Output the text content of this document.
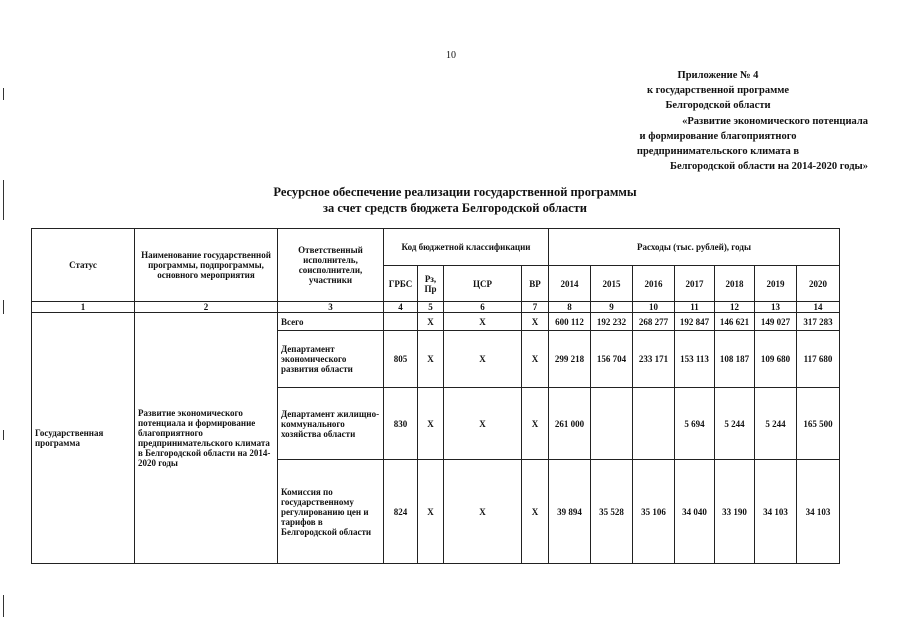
10
Приложение № 4
к государственной программе
Белгородской области
«Развитие экономического потенциала
и формирование благоприятного
предпринимательского климата в
Белгородской области на 2014-2020 годы»
Ресурсное обеспечение реализации государственной программы
за счет средств бюджета Белгородской области
Статус	Наименование государственной программы, подпрограммы, основного мероприятия	Ответственный исполнитель, соисполнители, участники	Код бюджетной классификации				Расходы (тыс. рублей), годы						
			ГРБС	Рз, Пр	ЦСР	ВР	2014	2015	2016	2017	2018	2019	2020
1	2	3	4	5	6	7	8	9	10	11	12	13	14
Государственная программа	Развитие экономического потенциала и формирование благоприятного предпринимательского климата в Белгородской области на 2014-2020 годы	Всего		X	X	X	600 112	192 232	268 277	192 847	146 621	149 027	317 283
		Департамент экономического развития области	805	X	X	X	299 218	156 704	233 171	153 113	108 187	109 680	117 680
		Департамент жилищно-коммунального хозяйства области	830	X	X	X	261 000			5 694	5 244	5 244	165 500
		Комиссия по государственному регулированию цен и тарифов в Белгородской области	824	X	X	X	39 894	35 528	35 106	34 040	33 190	34 103	34 103
